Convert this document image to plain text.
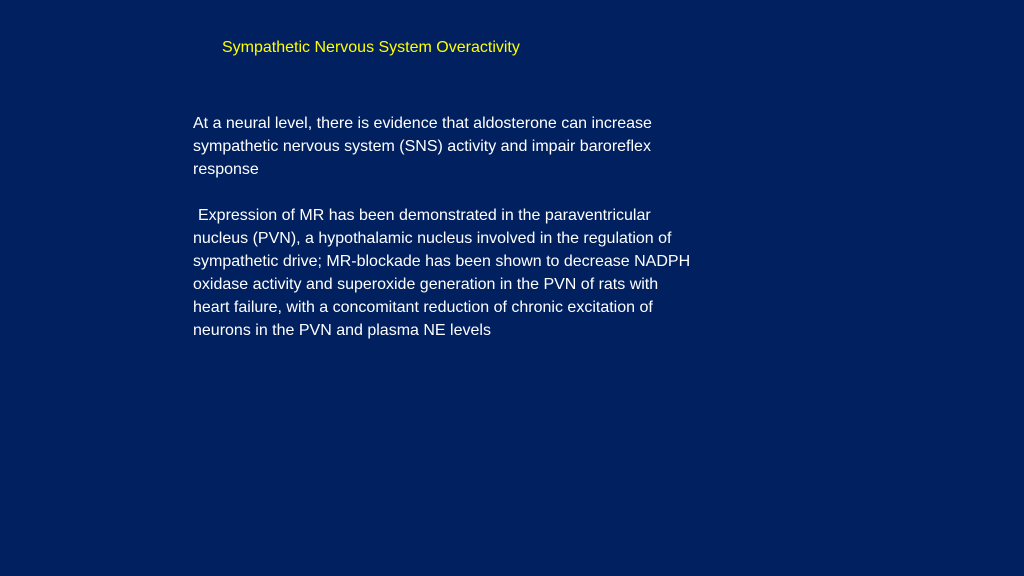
Sympathetic Nervous System Overactivity

At a neural level, there is evidence that aldosterone can increase sympathetic nervous system (SNS) activity and impair baroreflex response

Expression of MR has been demonstrated in the paraventricular nucleus (PVN), a hypothalamic nucleus involved in the regulation of sympathetic drive; MR-blockade has been shown to decrease NADPH oxidase activity and superoxide generation in the PVN of rats with heart failure, with a concomitant reduction of chronic excitation of neurons in the PVN and plasma NE levels
